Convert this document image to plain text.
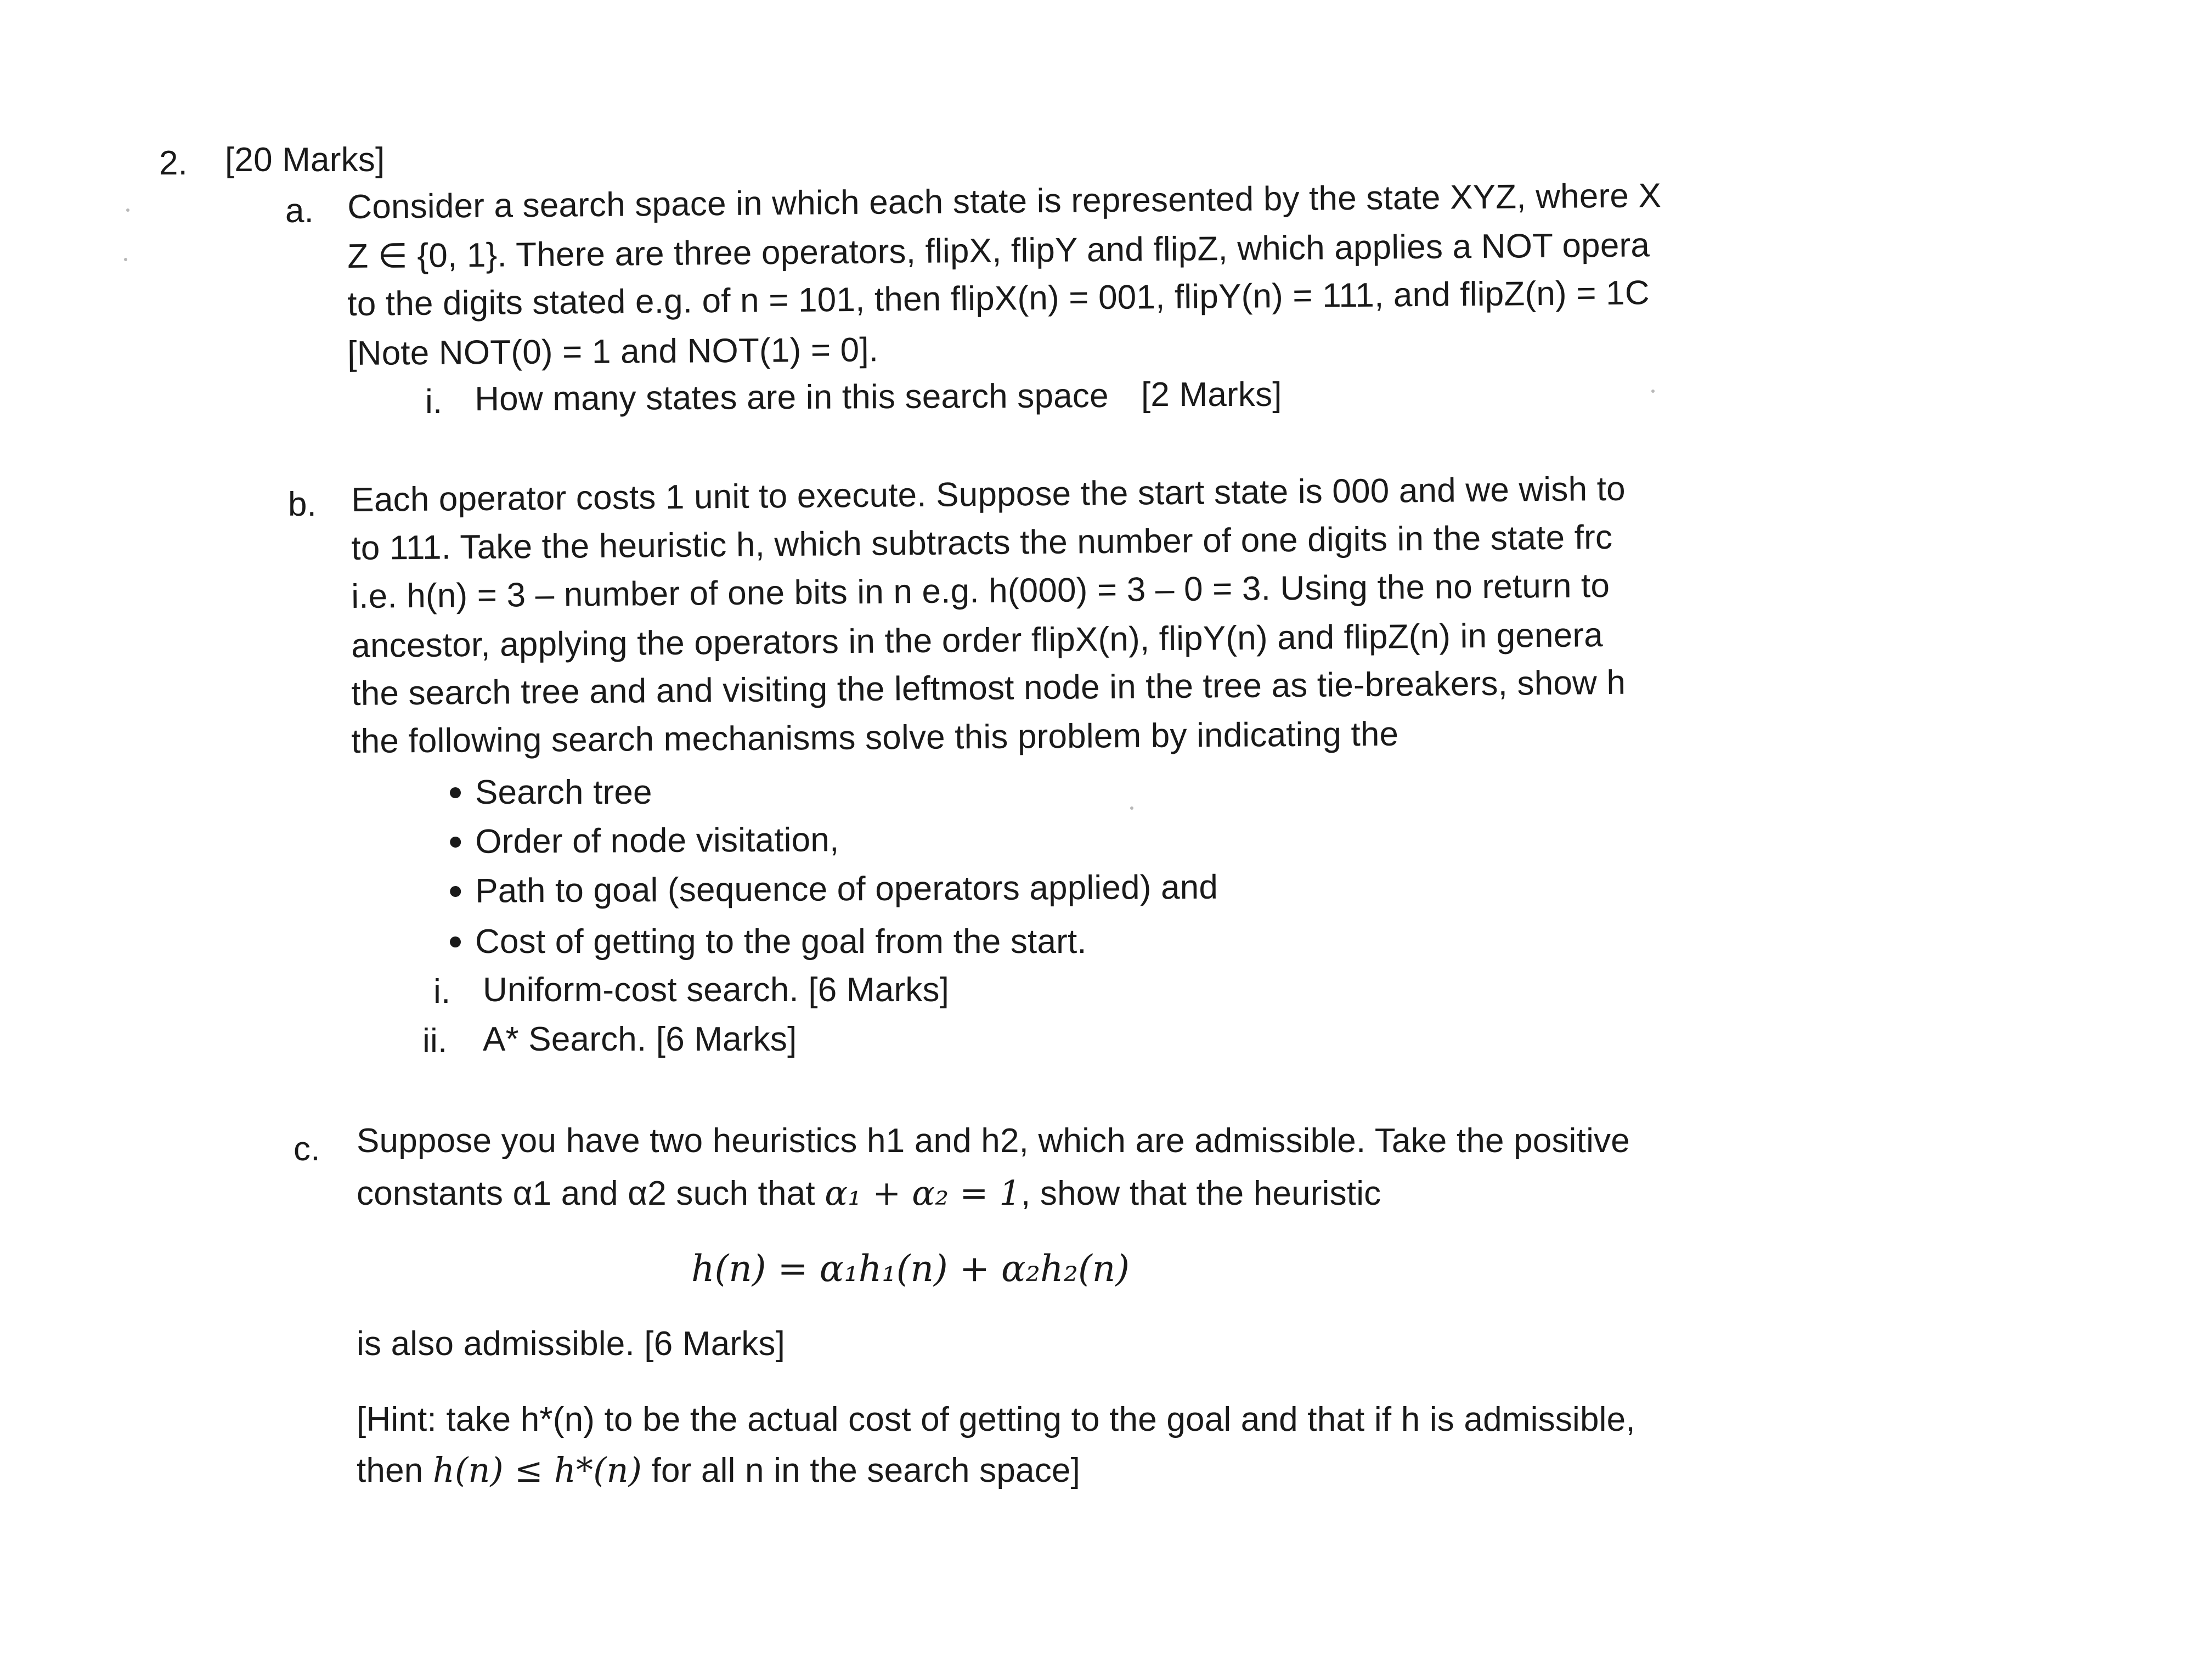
2. [20 Marks]
a. Consider a search space in which each state is represented by the state XYZ, where X
Z ∈ {0, 1}. There are three operators, flipX, flipY and flipZ, which applies a NOT opera
to the digits stated e.g. of n = 101, then flipX(n) = 001, flipY(n) = 111, and flipZ(n) = 1C
[Note NOT(0) = 1 and NOT(1) = 0].
i. How many states are in this search space [2 Marks]
b. Each operator costs 1 unit to execute. Suppose the start state is 000 and we wish to
to 111. Take the heuristic h, which subtracts the number of one digits in the state frc
i.e. h(n) = 3 – number of one bits in n e.g. h(000) = 3 – 0 = 3. Using the no return to
ancestor, applying the operators in the order flipX(n), flipY(n) and flipZ(n) in genera
the search tree and and visiting the leftmost node in the tree as tie-breakers, show h
the following search mechanisms solve this problem by indicating the
Search tree
Order of node visitation,
Path to goal (sequence of operators applied) and
Cost of getting to the goal from the start.
i. Uniform-cost search. [6 Marks]
ii. A* Search. [6 Marks]
c. Suppose you have two heuristics h1 and h2, which are admissible. Take the positive
constants α1 and α2 such that α₁ + α₂ = 1, show that the heuristic
h(n) = α₁h₁(n) + α₂h₂(n)
is also admissible. [6 Marks]
[Hint: take h*(n) to be the actual cost of getting to the goal and that if h is admissible,
then h(n) ≤ h*(n) for all n in the search space]
